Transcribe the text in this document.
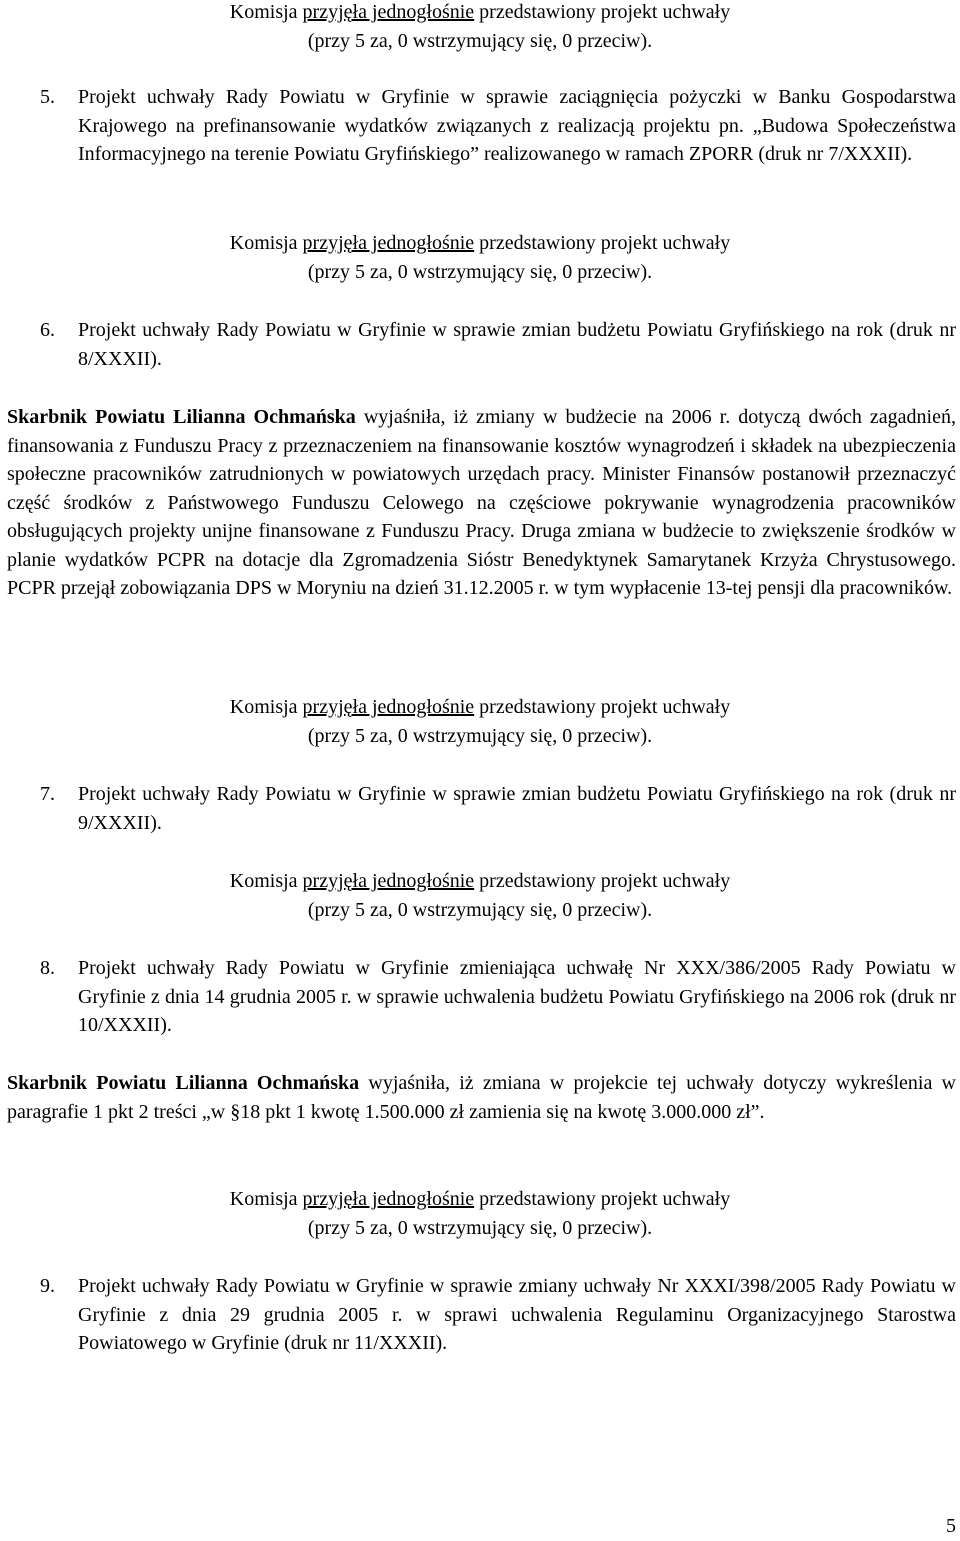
Komisja przyjęła jednogłośnie przedstawiony projekt uchwały
(przy 5 za, 0 wstrzymujący się, 0 przeciw).
5. Projekt uchwały Rady Powiatu w Gryfinie w sprawie zaciągnięcia pożyczki w Banku Gospodarstwa Krajowego na prefinansowanie wydatków związanych z realizacją projektu pn. „Budowa Społeczeństwa Informacyjnego na terenie Powiatu Gryfińskiego” realizowanego w ramach ZPORR (druk nr 7/XXXII).
Komisja przyjęła jednogłośnie przedstawiony projekt uchwały
(przy 5 za, 0 wstrzymujący się, 0 przeciw).
6. Projekt uchwały Rady Powiatu w Gryfinie w sprawie zmian budżetu Powiatu Gryfińskiego na rok (druk nr 8/XXXII).
Skarbnik Powiatu Lilianna Ochmańska wyjaśniła, iż zmiany w budżecie na 2006 r. dotyczą dwóch zagadnień, finansowania z Funduszu Pracy z przeznaczeniem na finansowanie kosztów wynagrodzeń i składek na ubezpieczenia społeczne pracowników zatrudnionych w powiatowych urzędach pracy. Minister Finansów postanowił przeznaczyć część środków z Państwowego Funduszu Celowego na częściowe pokrywanie wynagrodzenia pracowników obsługujących projekty unijne finansowane z Funduszu Pracy. Druga zmiana w budżecie to zwiększenie środków w planie wydatków PCPR na dotacje dla Zgromadzenia Sióstr Benedyktynek Samarytanek Krzyża Chrystusowego. PCPR przejął zobowiązania DPS w Moryniu na dzień 31.12.2005 r. w tym wypłacenie 13-tej pensji dla pracowników.
Komisja przyjęła jednogłośnie przedstawiony projekt uchwały
(przy 5 za, 0 wstrzymujący się, 0 przeciw).
7. Projekt uchwały Rady Powiatu w Gryfinie w sprawie zmian budżetu Powiatu Gryfińskiego na rok (druk nr 9/XXXII).
Komisja przyjęła jednogłośnie przedstawiony projekt uchwały
(przy 5 za, 0 wstrzymujący się, 0 przeciw).
8. Projekt uchwały Rady Powiatu w Gryfinie zmieniająca uchwałę Nr XXX/386/2005 Rady Powiatu w Gryfinie z dnia 14 grudnia 2005 r. w sprawie uchwalenia budżetu Powiatu Gryfińskiego na 2006 rok (druk nr 10/XXXII).
Skarbnik Powiatu Lilianna Ochmańska wyjaśniła, iż zmiana w projekcie tej uchwały dotyczy wykreślenia w paragrafie 1 pkt 2 treści „w §18 pkt 1 kwotę 1.500.000 zł zamienia się na kwotę 3.000.000 zł”.
Komisja przyjęła jednogłośnie przedstawiony projekt uchwały
(przy 5 za, 0 wstrzymujący się, 0 przeciw).
9. Projekt uchwały Rady Powiatu w Gryfinie w sprawie zmiany uchwały Nr XXXI/398/2005 Rady Powiatu w Gryfinie z dnia 29 grudnia 2005 r. w sprawi uchwalenia Regulaminu Organizacyjnego Starostwa Powiatowego w Gryfinie (druk nr 11/XXXII).
5
